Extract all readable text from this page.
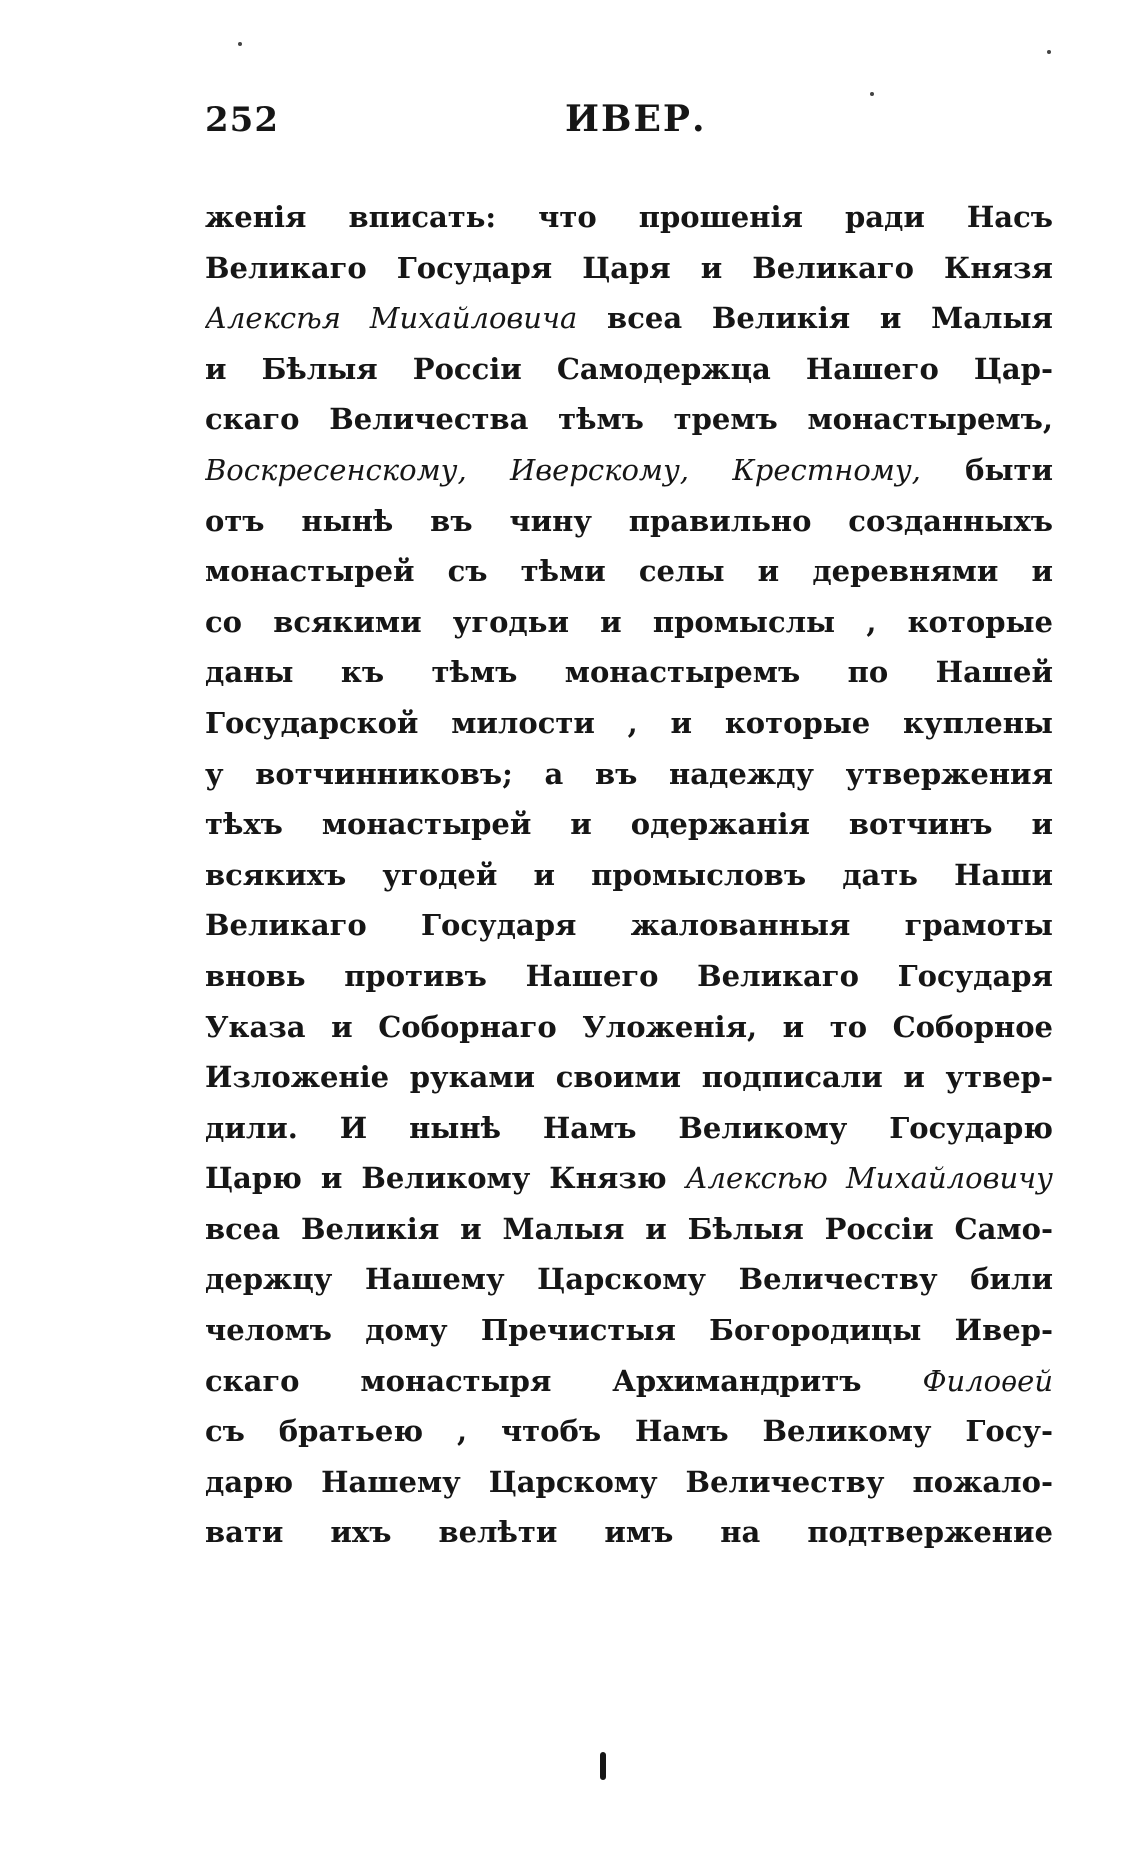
252	ИВЕР.
женiя вписать: что прошенiя ради Насъ
Великаго Государя Царя и Великаго Князя
Алексѣя Михайловича всеа Великiя и Малыя
и Бѣлыя Россiи Самодержца Нашего Цар-
скаго Величества тѣмъ тремъ монастыремъ,
Воскресенскому, Иверскому, Крестному, быти
отъ нынѣ въ чину правильно созданныхъ
монастырей съ тѣми селы и деревнями и
со всякими угодьи и промыслы , которые
даны къ тѣмъ монастыремъ по Нашей
Государской милости , и которые куплены
у вотчинниковъ; а въ надежду утвержения
тѣхъ монастырей и одержанiя вотчинъ и
всякихъ угодей и промысловъ дать Наши
Великаго Государя жалованныя грамоты
вновь противъ Нашего Великаго Государя
Указа и Соборнаго Уложенiя, и то Соборное
Изложенiе руками своими подписали и утвер-
дили. И нынѣ Намъ Великому Государю
Царю и Великому Князю Алексѣю Михайловичу
всеа Великiя и Малыя и Бѣлыя Россiи Само-
держцу Нашему Царскому Величеству били
челомъ дому Пречистыя Богородицы Ивер-
скаго монастыря Архимандритъ Филоѳей
съ братьею , чтобъ Намъ Великому Госу-
дарю Нашему Царскому Величеству пожало-
вати ихъ велѣти имъ на подтвержение
